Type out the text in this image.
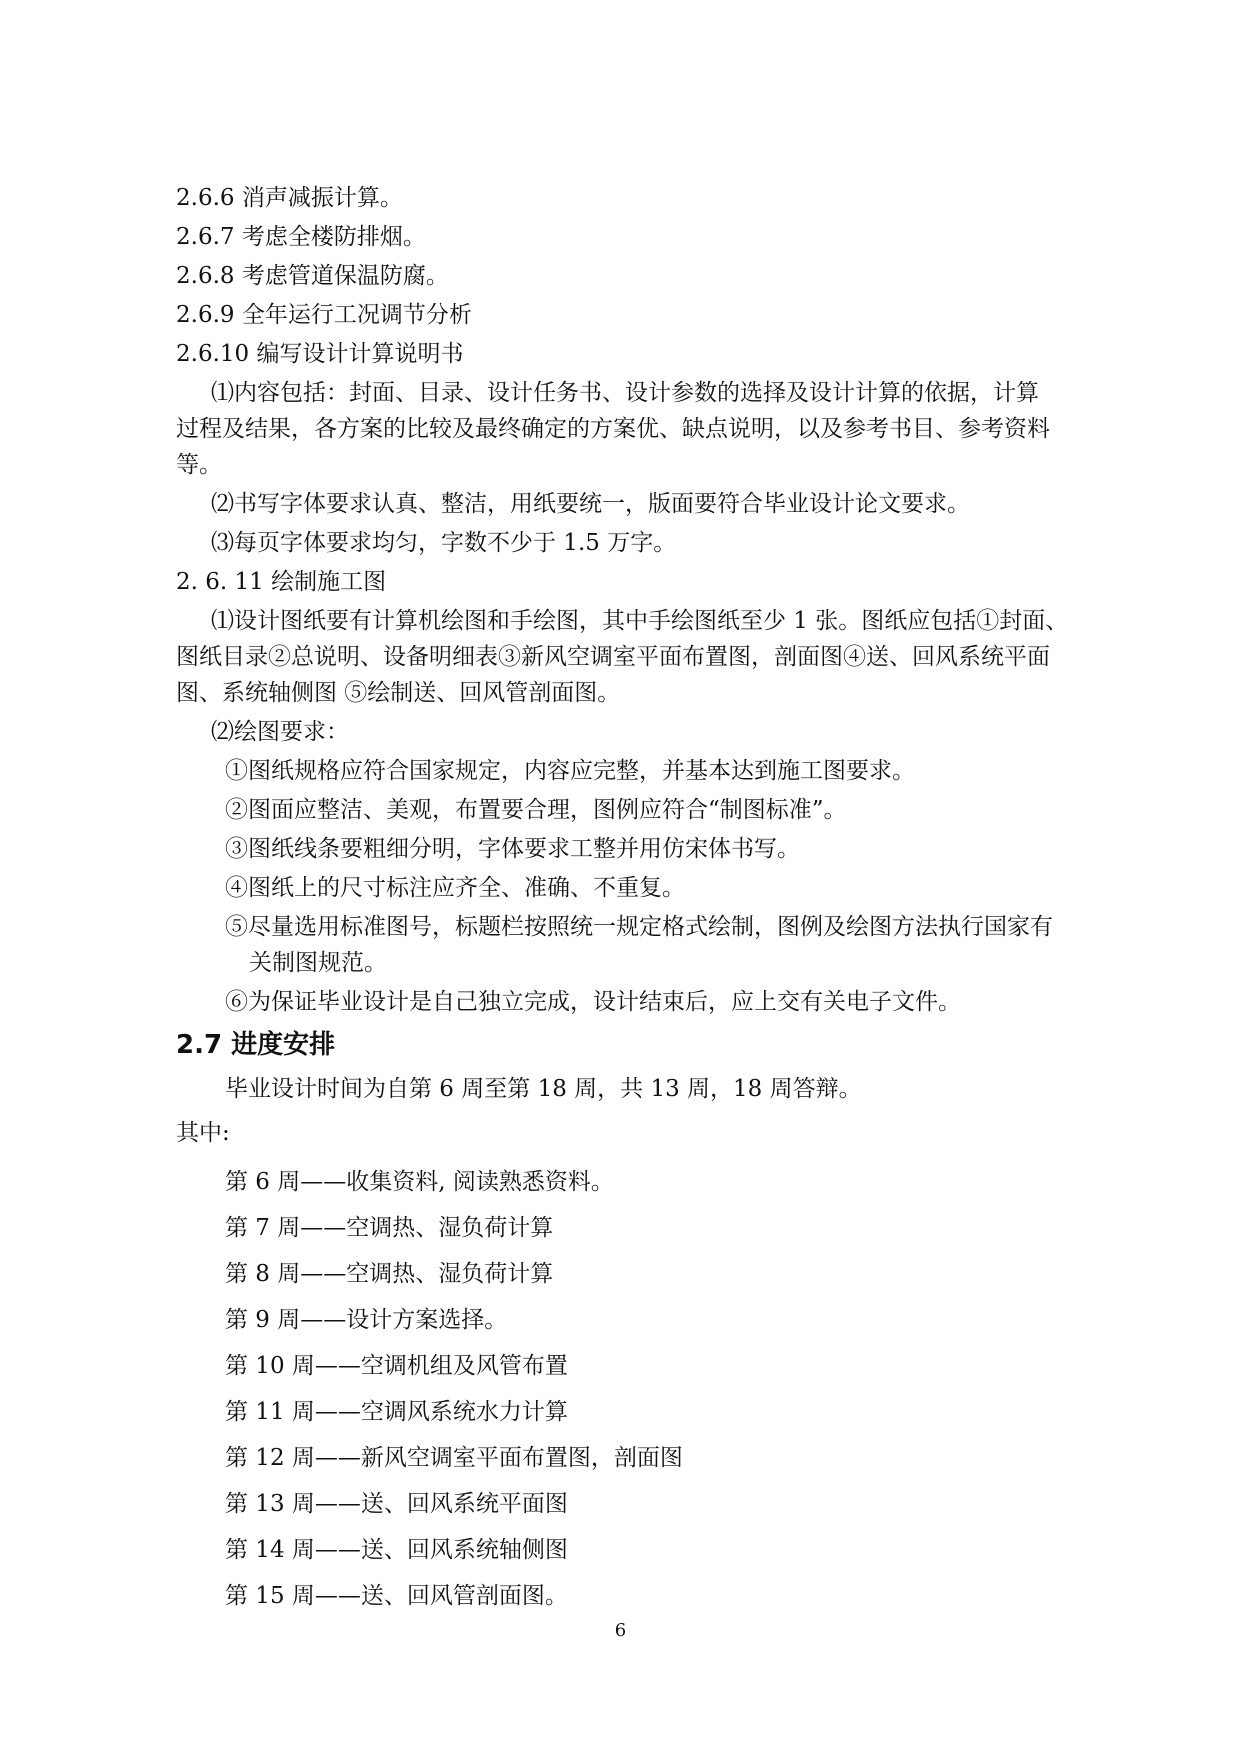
2.6.6 消声减振计算。
2.6.7 考虑全楼防排烟。
2.6.8 考虑管道保温防腐。
2.6.9 全年运行工况调节分析
2.6.10 编写设计计算说明书
⑴内容包括：封面、目录、设计任务书、设计参数的选择及设计计算的依据，计算
过程及结果，各方案的比较及最终确定的方案优、缺点说明，以及参考书目、参考资料
等。
⑵书写字体要求认真、整洁，用纸要统一，版面要符合毕业设计论文要求。
⑶每页字体要求均匀，字数不少于 1.5 万字。
2. 6. 11 绘制施工图
⑴设计图纸要有计算机绘图和手绘图，其中手绘图纸至少 1 张。图纸应包括①封面、
图纸目录②总说明、设备明细表③新风空调室平面布置图，剖面图④送、回风系统平面
图、系统轴侧图 ⑤绘制送、回风管剖面图。
⑵绘图要求：
①图纸规格应符合国家规定，内容应完整，并基本达到施工图要求。
②图面应整洁、美观，布置要合理，图例应符合“制图标准”。
③图纸线条要粗细分明，字体要求工整并用仿宋体书写。
④图纸上的尺寸标注应齐全、准确、不重复。
⑤尽量选用标准图号，标题栏按照统一规定格式绘制，图例及绘图方法执行国家有
关制图规范。
⑥为保证毕业设计是自己独立完成，设计结束后，应上交有关电子文件。
2.7 进度安排
毕业设计时间为自第 6 周至第 18 周，共 13 周，18 周答辩。
其中:
第 6 周——收集资料, 阅读熟悉资料。
第 7 周——空调热、湿负荷计算
第 8 周——空调热、湿负荷计算
第 9 周——设计方案选择。
第 10 周——空调机组及风管布置
第 11 周——空调风系统水力计算
第 12 周——新风空调室平面布置图，剖面图
第 13 周——送、回风系统平面图
第 14 周——送、回风系统轴侧图
第 15 周——送、回风管剖面图。
6
